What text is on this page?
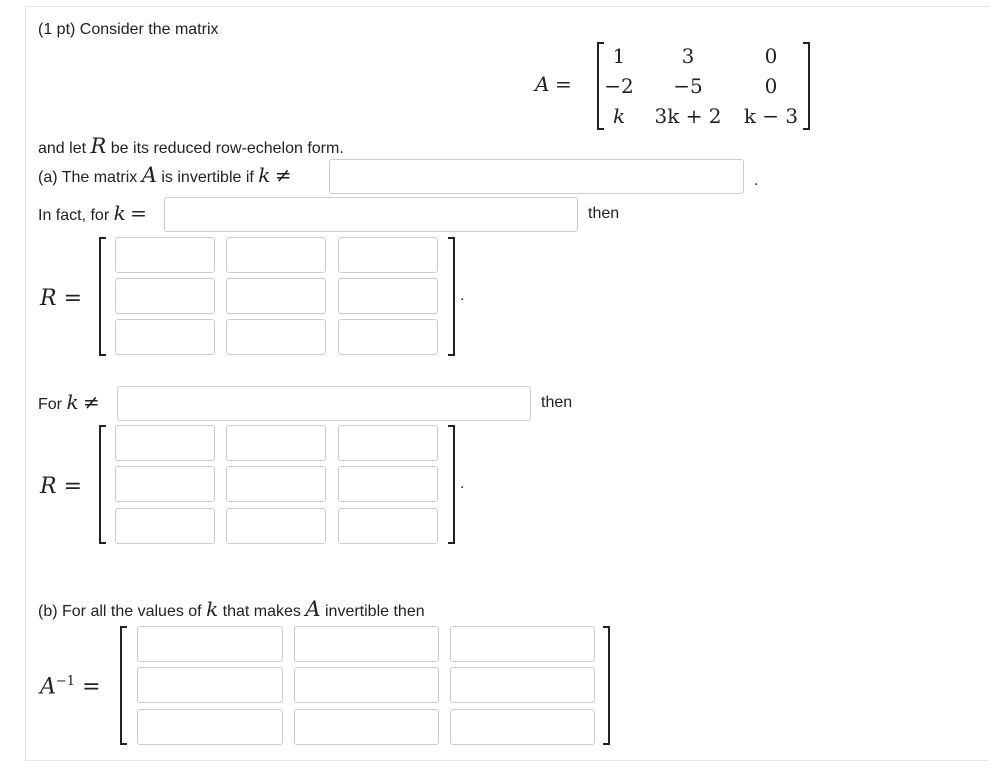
(1 pt) Consider the matrix
A =
1	3	0
−2	−5	0
k	3k + 2	k − 3
and let R be its reduced row-echelon form.
(a) The matrix A is invertible if k ≠	.
In fact, for k =	then
R =	.
For k ≠	then
R =	.
(b) For all the values of k that makes A invertible then
$A^{-1}$ =
